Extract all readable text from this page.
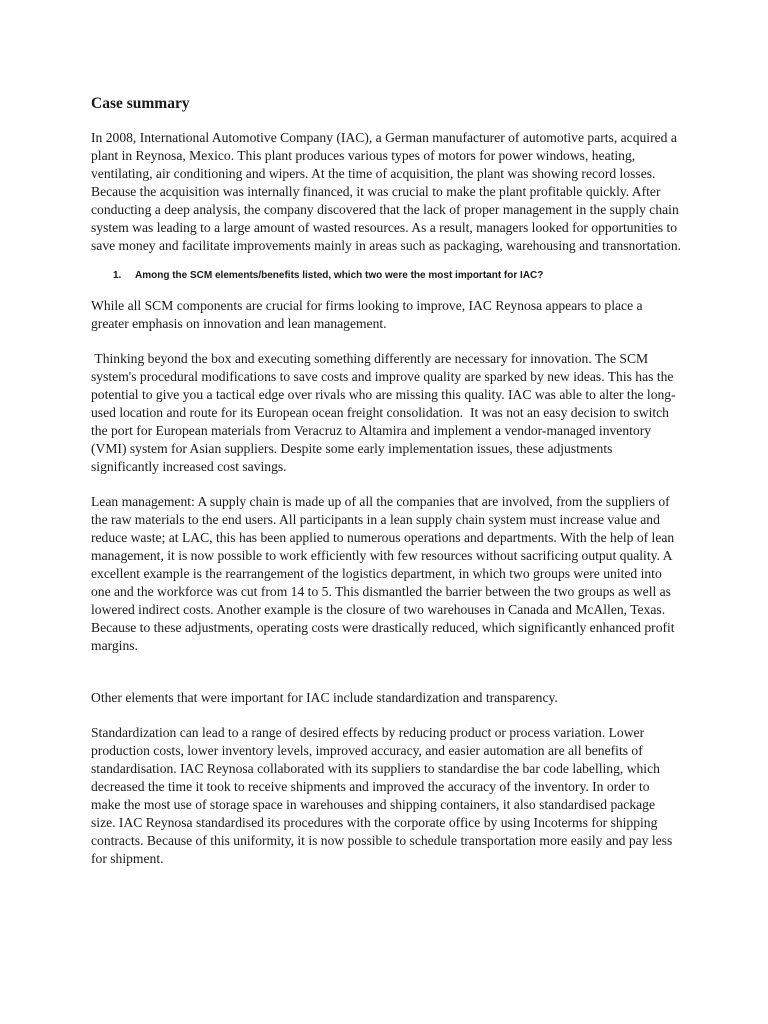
Case summary

In 2008, International Automotive Company (IAC), a German manufacturer of automotive parts, acquired a plant in Reynosa, Mexico. This plant produces various types of motors for power windows, heating, ventilating, air conditioning and wipers. At the time of acquisition, the plant was showing record losses. Because the acquisition was internally financed, it was crucial to make the plant profitable quickly. After conducting a deep analysis, the company discovered that the lack of proper management in the supply chain system was leading to a large amount of wasted resources. As a result, managers looked for opportunities to save money and facilitate improvements mainly in areas such as packaging, warehousing and transnortation.

1. Among the SCM elements/benefits listed, which two were the most important for IAC?

While all SCM components are crucial for firms looking to improve, IAC Reynosa appears to place a greater emphasis on innovation and lean management.

Thinking beyond the box and executing something differently are necessary for innovation. The SCM system's procedural modifications to save costs and improve quality are sparked by new ideas. This has the potential to give you a tactical edge over rivals who are missing this quality. IAC was able to alter the long-used location and route for its European ocean freight consolidation.  It was not an easy decision to switch the port for European materials from Veracruz to Altamira and implement a vendor-managed inventory (VMI) system for Asian suppliers. Despite some early implementation issues, these adjustments significantly increased cost savings.

Lean management: A supply chain is made up of all the companies that are involved, from the suppliers of the raw materials to the end users. All participants in a lean supply chain system must increase value and reduce waste; at LAC, this has been applied to numerous operations and departments. With the help of lean management, it is now possible to work efficiently with few resources without sacrificing output quality. A excellent example is the rearrangement of the logistics department, in which two groups were united into one and the workforce was cut from 14 to 5. This dismantled the barrier between the two groups as well as lowered indirect costs. Another example is the closure of two warehouses in Canada and McAllen, Texas. Because to these adjustments, operating costs were drastically reduced, which significantly enhanced profit margins.

Other elements that were important for IAC include standardization and transparency.

Standardization can lead to a range of desired effects by reducing product or process variation. Lower production costs, lower inventory levels, improved accuracy, and easier automation are all benefits of standardisation. IAC Reynosa collaborated with its suppliers to standardise the bar code labelling, which decreased the time it took to receive shipments and improved the accuracy of the inventory. In order to make the most use of storage space in warehouses and shipping containers, it also standardised package size. IAC Reynosa standardised its procedures with the corporate office by using Incoterms for shipping contracts. Because of this uniformity, it is now possible to schedule transportation more easily and pay less for shipment.
